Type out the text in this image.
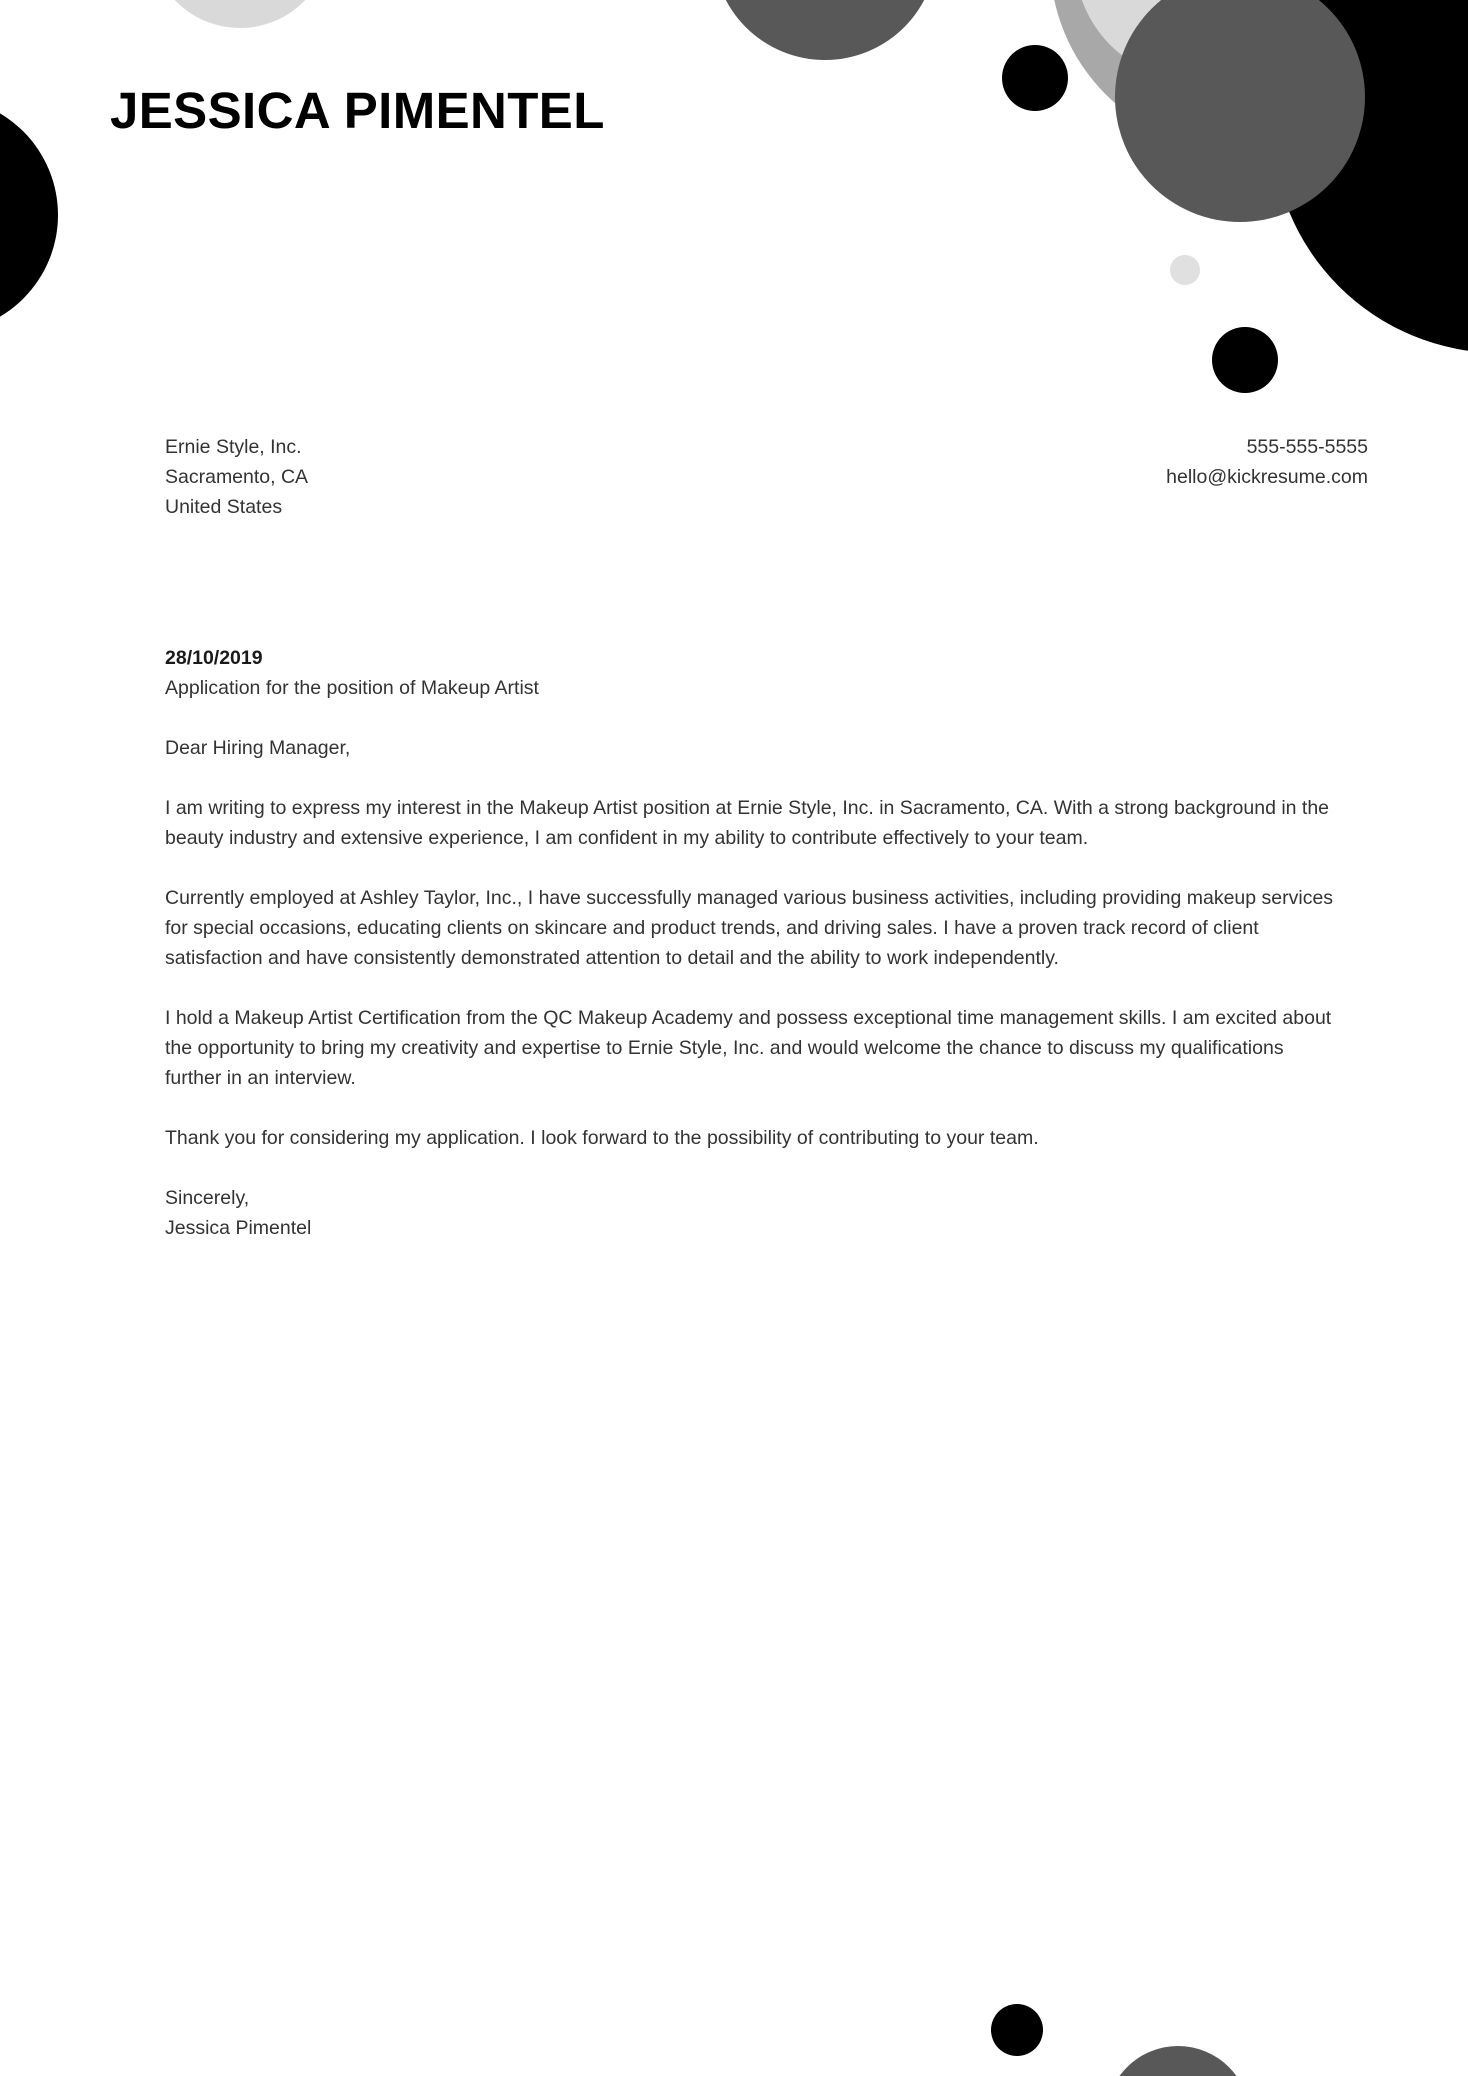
JESSICA PIMENTEL
Ernie Style, Inc.
Sacramento, CA
United States
555-555-5555
hello@kickresume.com

28/10/2019

Application for the position of Makeup Artist

Dear Hiring Manager,

I am writing to express my interest in the Makeup Artist position at Ernie Style, Inc. in Sacramento, CA. With a strong background in the beauty industry and extensive experience, I am confident in my ability to contribute effectively to your team.

Currently employed at Ashley Taylor, Inc., I have successfully managed various business activities, including providing makeup services for special occasions, educating clients on skincare and product trends, and driving sales. I have a proven track record of client satisfaction and have consistently demonstrated attention to detail and the ability to work independently.

I hold a Makeup Artist Certification from the QC Makeup Academy and possess exceptional time management skills. I am excited about the opportunity to bring my creativity and expertise to Ernie Style, Inc. and would welcome the chance to discuss my qualifications further in an interview.

Thank you for considering my application. I look forward to the possibility of contributing to your team.

Sincerely,
Jessica Pimentel
